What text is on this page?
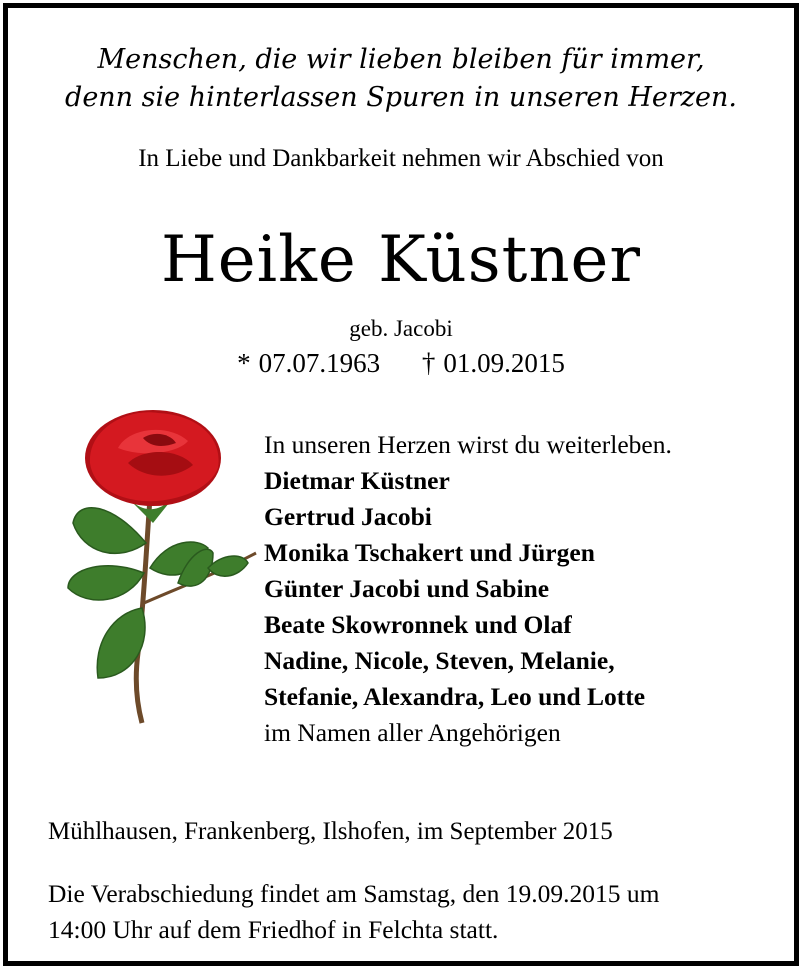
Menschen, die wir lieben bleiben für immer,
denn sie hinterlassen Spuren in unseren Herzen.
In Liebe und Dankbarkeit nehmen wir Abschied von
Heike Küstner
geb. Jacobi
* 07.07.1963 † 01.09.2015
In unseren Herzen wirst du weiterleben.
Dietmar Küstner
Gertrud Jacobi
Monika Tschakert und Jürgen
Günter Jacobi und Sabine
Beate Skowronnek und Olaf
Nadine, Nicole, Steven, Melanie,
Stefanie, Alexandra, Leo und Lotte
im Namen aller Angehörigen
Mühlhausen, Frankenberg, Ilshofen, im September 2015
Die Verabschiedung findet am Samstag, den 19.09.2015 um
14:00 Uhr auf dem Friedhof in Felchta statt.
